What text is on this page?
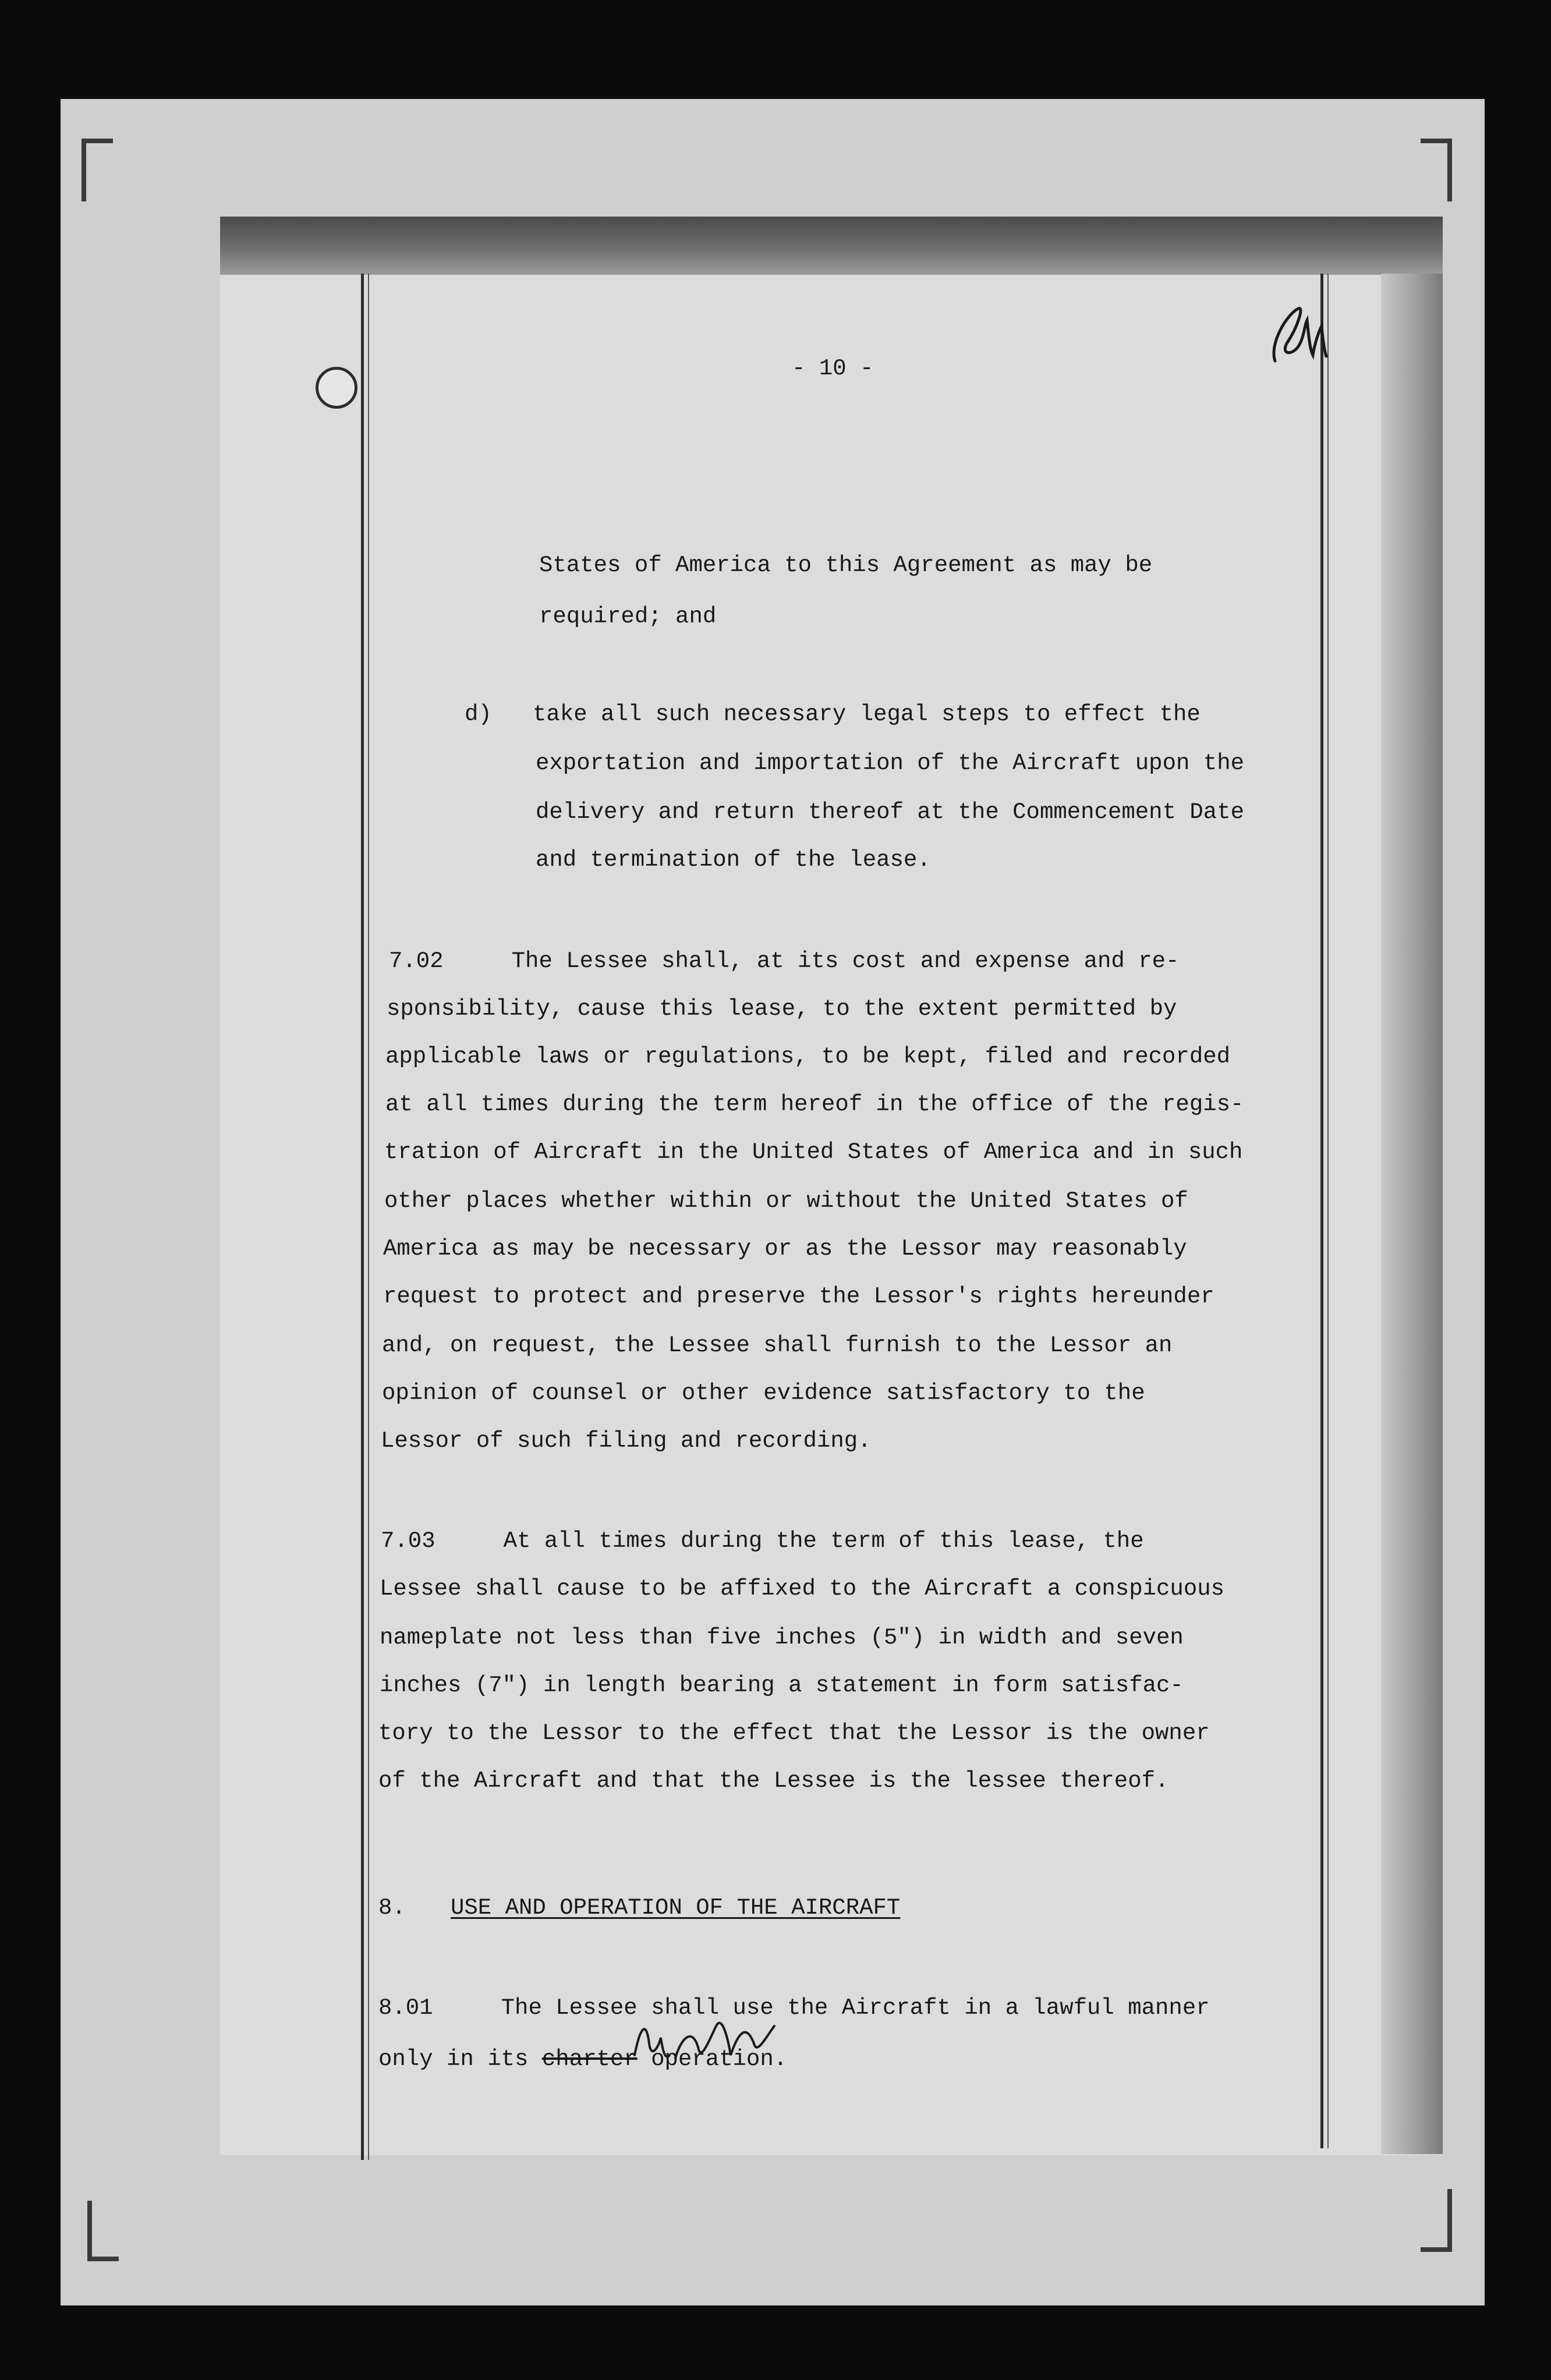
- 10 -
States of America to this Agreement as may be
required; and
d)   take all such necessary legal steps to effect the
exportation and importation of the Aircraft upon the
delivery and return thereof at the Commencement Date
and termination of the lease.
7.02     The Lessee shall, at its cost and expense and re-
sponsibility, cause this lease, to the extent permitted by
applicable laws or regulations, to be kept, filed and recorded
at all times during the term hereof in the office of the regis-
tration of Aircraft in the United States of America and in such
other places whether within or without the United States of
America as may be necessary or as the Lessor may reasonably
request to protect and preserve the Lessor's rights hereunder
and, on request, the Lessee shall furnish to the Lessor an
opinion of counsel or other evidence satisfactory to the
Lessor of such filing and recording.
7.03     At all times during the term of this lease, the
Lessee shall cause to be affixed to the Aircraft a conspicuous
nameplate not less than five inches (5") in width and seven
inches (7") in length bearing a statement in form satisfac-
tory to the Lessor to the effect that the Lessor is the owner
of the Aircraft and that the Lessee is the lessee thereof.
8. USE AND OPERATION OF THE AIRCRAFT
8.01     The Lessee shall use the Aircraft in a lawful manner
only in its charter operation.
